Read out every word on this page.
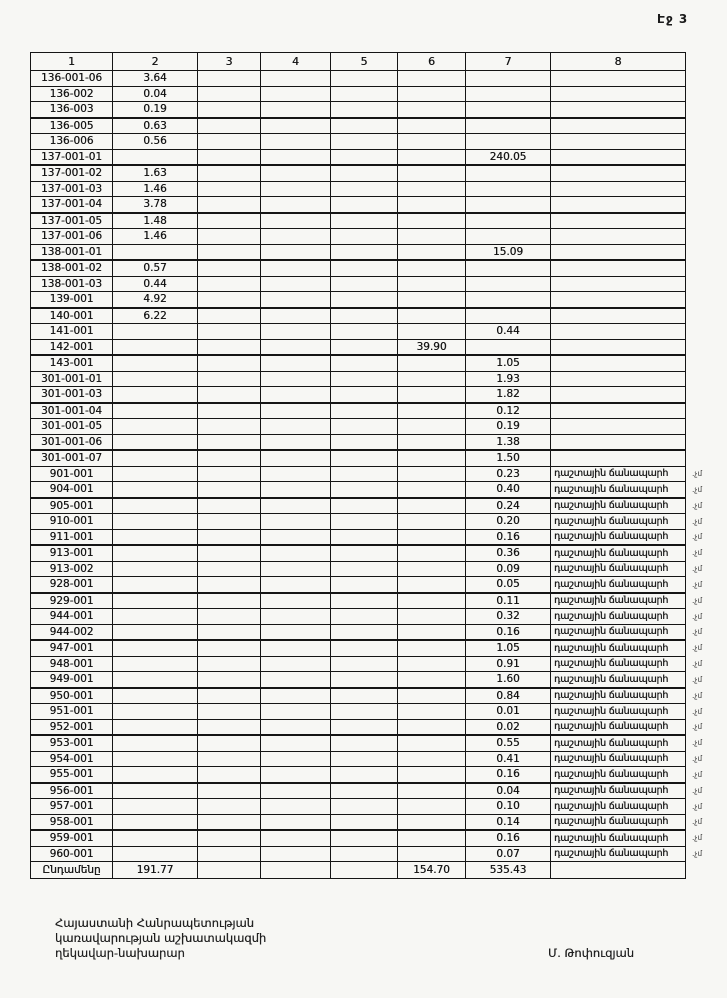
Էջ 3
1	2	3	4	5	6	7	8	
136-001-06	3.64							
136-002	0.04							
136-003	0.19							
136-005	0.63							
136-006	0.56							
137-001-01						240.05		
137-001-02	1.63							
137-001-03	1.46							
137-001-04	3.78							
137-001-05	1.48							
137-001-06	1.46							
138-001-01						15.09		
138-001-02	0.57							
138-001-03	0.44							
139-001	4.92							
140-001	6.22							
141-001						0.44		
142-001					39.90			
143-001						1.05		
301-001-01						1.93		
301-001-03						1.82		
301-001-04						0.12		
301-001-05						0.19		
301-001-06						1.38		
301-001-07						1.50		
901-001						0.23	դաշտային ճանապարհ	.չմ
904-001						0.40	դաշտային ճանապարհ	.չմ
905-001						0.24	դաշտային ճանապարհ	.չմ
910-001						0.20	դաշտային ճանապարհ	.չմ
911-001						0.16	դաշտային ճանապարհ	.չմ
913-001						0.36	դաշտային ճանապարհ	.չմ
913-002						0.09	դաշտային ճանապարհ	.չմ
928-001						0.05	դաշտային ճանապարհ	.չմ
929-001						0.11	դաշտային ճանապարհ	.չմ
944-001						0.32	դաշտային ճանապարհ	.չմ
944-002						0.16	դաշտային ճանապարհ	.չմ
947-001						1.05	դաշտային ճանապարհ	.չմ
948-001						0.91	դաշտային ճանապարհ	.չմ
949-001						1.60	դաշտային ճանապարհ	.չմ
950-001						0.84	դաշտային ճանապարհ	.չմ
951-001						0.01	դաշտային ճանապարհ	.չմ
952-001						0.02	դաշտային ճանապարհ	.չմ
953-001						0.55	դաշտային ճանապարհ	.չմ
954-001						0.41	դաշտային ճանապարհ	.չմ
955-001						0.16	դաշտային ճանապարհ	.չմ
956-001						0.04	դաշտային ճանապարհ	.չմ
957-001						0.10	դաշտային ճանապարհ	.չմ
958-001						0.14	դաշտային ճանապարհ	.չմ
959-001						0.16	դաշտային ճանապարհ	.չմ
960-001						0.07	դաշտային ճանապարհ	.չմ
Ընդամենը	191.77				154.70	535.43		
Հայաստանի Հանրապետության
կառավարության աշխատակազմի
ղեկավար-նախարար	Մ. Թոփուզյան
